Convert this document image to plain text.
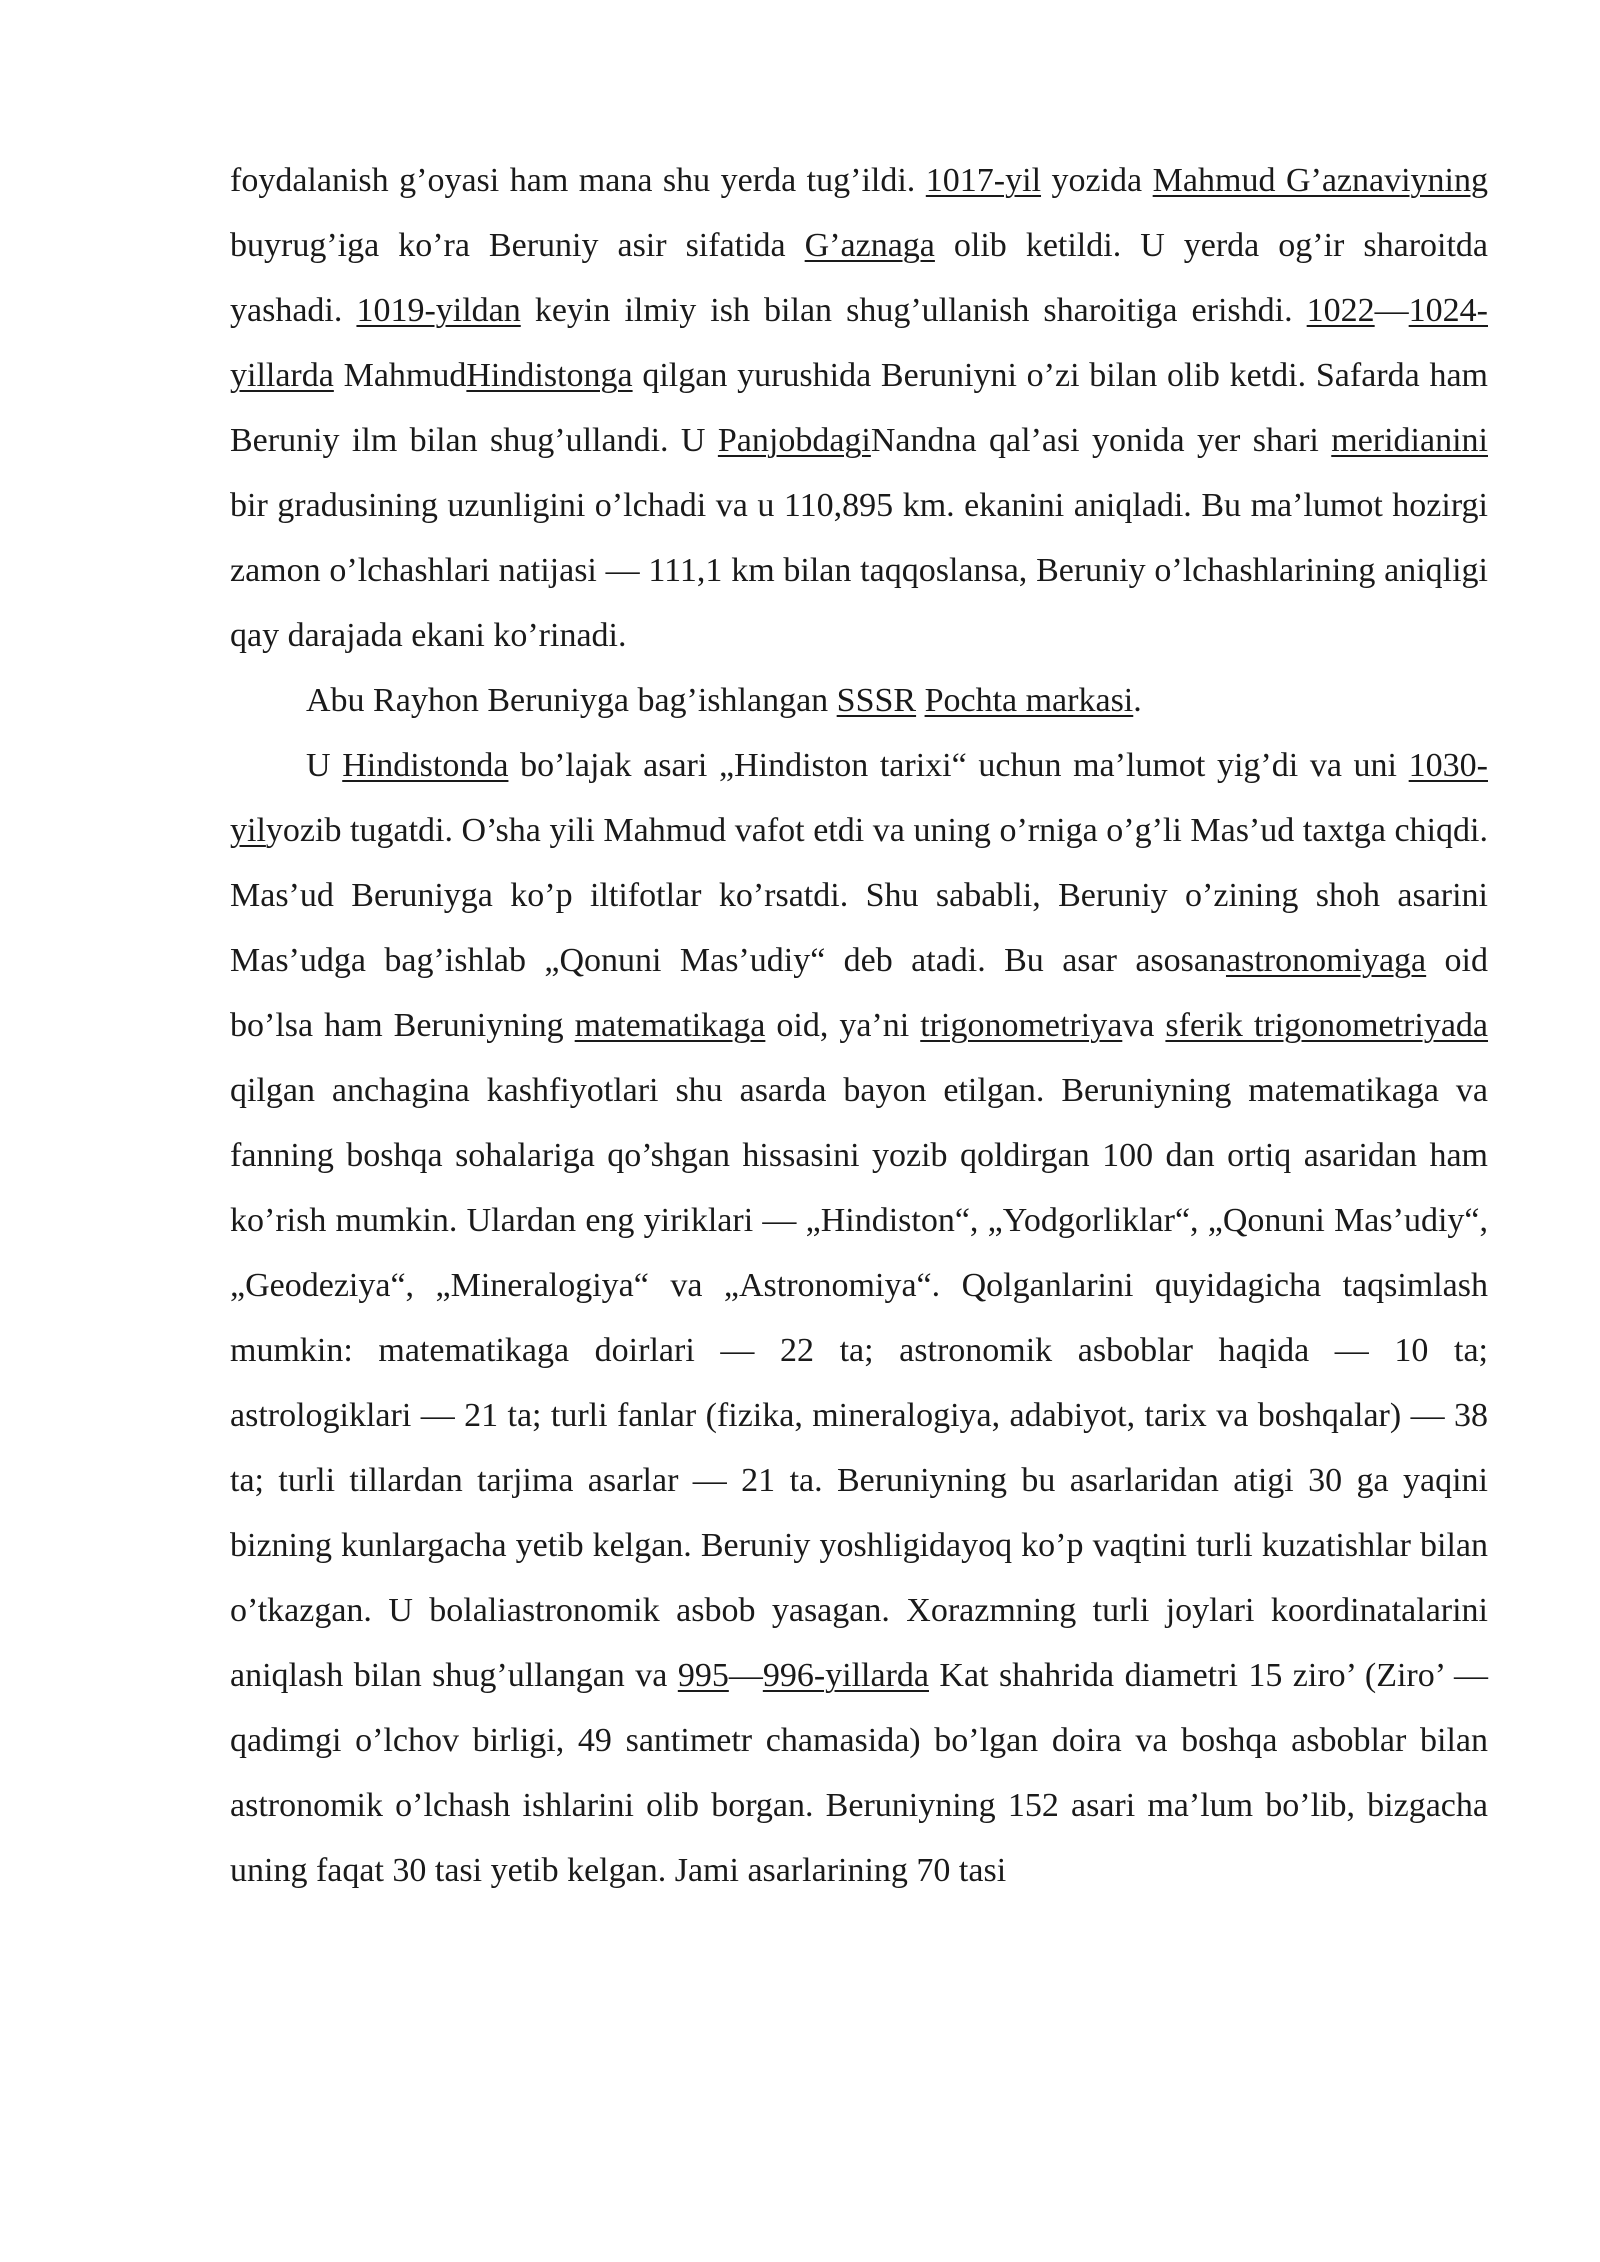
foydalanish g’oyasi ham mana shu yerda tug’ildi. 1017-yil yozida Mahmud G’aznaviyning buyrug’iga ko’ra Beruniy asir sifatida G’aznaga olib ketildi. U yerda og’ir sharoitda yashadi. 1019-yildan keyin ilmiy ish bilan shug’ullanish sharoitiga erishdi. 1022—1024-yillarda MahmudHindistonga qilgan yurushida Beruniyni o’zi bilan olib ketdi. Safarda ham Beruniy ilm bilan shug’ullandi. U PanjobdagiNandna qal’asi yonida yer shari meridianini bir gradusining uzunligini o’lchadi va u 110,895 km. ekanini aniqladi. Bu ma’lumot hozirgi zamon o’lchashlari natijasi — 111,1 km bilan taqqoslansa, Beruniy o’lchashlarining aniqligi qay darajada ekani ko’rinadi.

Abu Rayhon Beruniyga bag’ishlangan SSSR Pochta markasi.

U Hindistonda bo’lajak asari „Hindiston tarixi“ uchun ma’lumot yig’di va uni 1030-yilyozib tugatdi. O’sha yili Mahmud vafot etdi va uning o’rniga o’g’li Mas’ud taxtga chiqdi. Mas’ud Beruniyga ko’p iltifotlar ko’rsatdi. Shu sababli, Beruniy o’zining shoh asarini Mas’udga bag’ishlab „Qonuni Mas’udiy“ deb atadi. Bu asar asosanastronomiyaga oid bo’lsa ham Beruniyning matematikaga oid, ya’ni trigonometriyava sferik trigonometriyada qilgan anchagina kashfiyotlari shu asarda bayon etilgan. Beruniyning matematikaga va fanning boshqa sohalariga qo’shgan hissasini yozib qoldirgan 100 dan ortiq asaridan ham ko’rish mumkin. Ulardan eng yiriklari — „Hindiston“, „Yodgorliklar“, „Qonuni Mas’udiy“, „Geodeziya“, „Mineralogiya“ va „Astronomiya“. Qolganlarini quyidagicha taqsimlash mumkin: matematikaga doirlari — 22 ta; astronomik asboblar haqida — 10 ta; astrologiklari — 21 ta; turli fanlar (fizika, mineralogiya, adabiyot, tarix va boshqalar) — 38 ta; turli tillardan tarjima asarlar — 21 ta. Beruniyning bu asarlaridan atigi 30 ga yaqini bizning kunlargacha yetib kelgan. Beruniy yoshligidayoq ko’p vaqtini turli kuzatishlar bilan o’tkazgan. U bolaliastronomik asbob yasagan. Xorazmning turli joylari koordinatalarini aniqlash bilan shug’ullangan va 995—996-yillarda Kat shahrida diametri 15 ziro’ (Ziro’ — qadimgi o’lchov birligi, 49 santimetr chamasida) bo’lgan doira va boshqa asboblar bilan astronomik o’lchash ishlarini olib borgan. Beruniyning 152 asari ma’lum bo’lib, bizgacha uning faqat 30 tasi yetib kelgan. Jami asarlarining 70 tasi
